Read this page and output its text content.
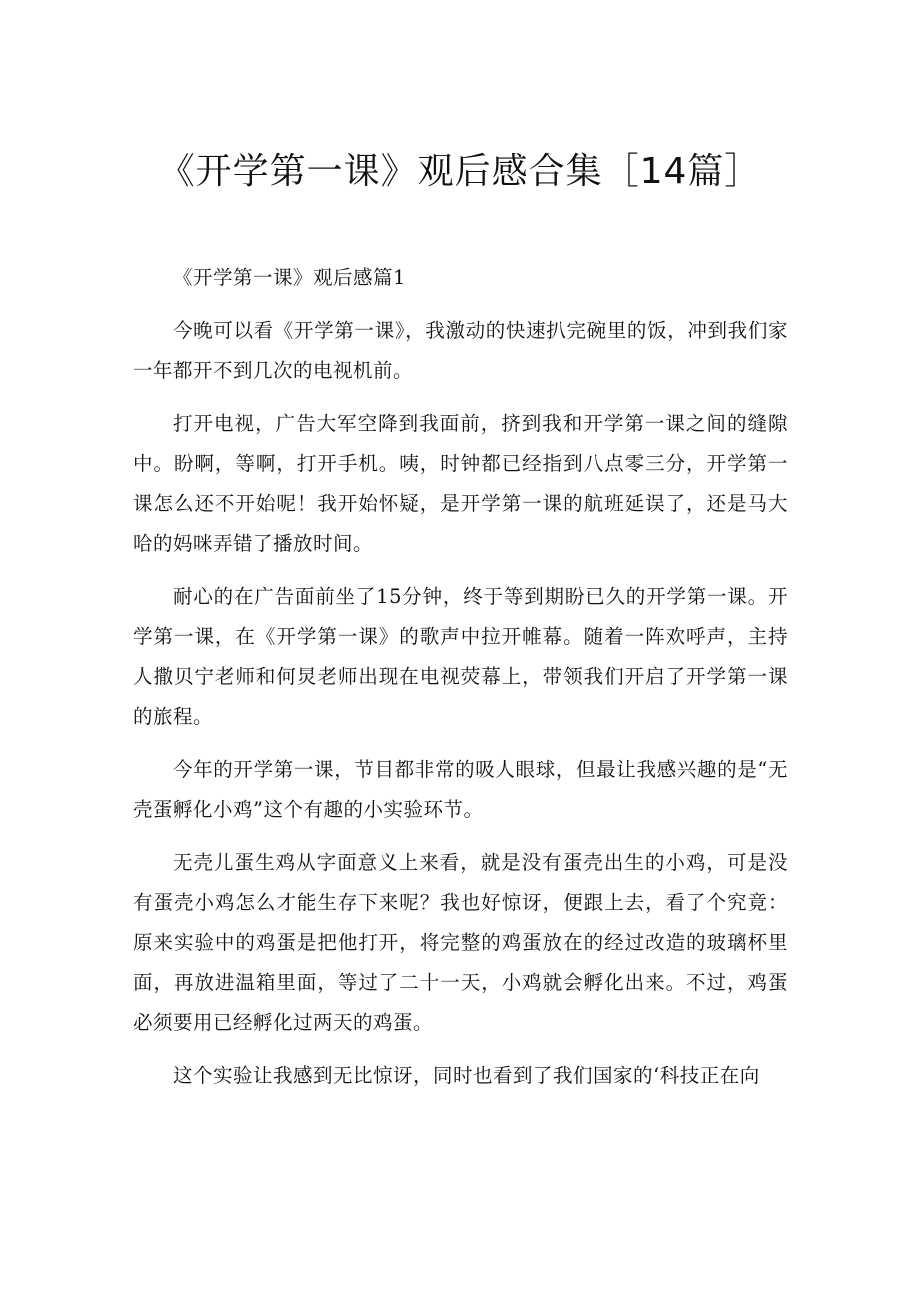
《开学第一课》观后感合集［14篇］

《开学第一课》观后感篇1

今晚可以看《开学第一课》，我激动的快速扒完碗里的饭，冲到我们家一年都开不到几次的电视机前。

打开电视，广告大军空降到我面前，挤到我和开学第一课之间的缝隙中。盼啊，等啊，打开手机。咦，时钟都已经指到八点零三分，开学第一课怎么还不开始呢！我开始怀疑，是开学第一课的航班延误了，还是马大哈的妈咪弄错了播放时间。

耐心的在广告面前坐了15分钟，终于等到期盼已久的开学第一课。开学第一课，在《开学第一课》的歌声中拉开帷幕。随着一阵欢呼声，主持人撒贝宁老师和何炅老师出现在电视荧幕上，带领我们开启了开学第一课的旅程。

今年的开学第一课，节目都非常的吸人眼球，但最让我感兴趣的是“无壳蛋孵化小鸡”这个有趣的小实验环节。

无壳儿蛋生鸡从字面意义上来看，就是没有蛋壳出生的小鸡，可是没有蛋壳小鸡怎么才能生存下来呢？我也好惊讶，便跟上去，看了个究竟：原来实验中的鸡蛋是把他打开，将完整的鸡蛋放在的经过改造的玻璃杯里面，再放进温箱里面，等过了二十一天，小鸡就会孵化出来。不过，鸡蛋必须要用已经孵化过两天的鸡蛋。

这个实验让我感到无比惊讶，同时也看到了我们国家的‘科技正在向
